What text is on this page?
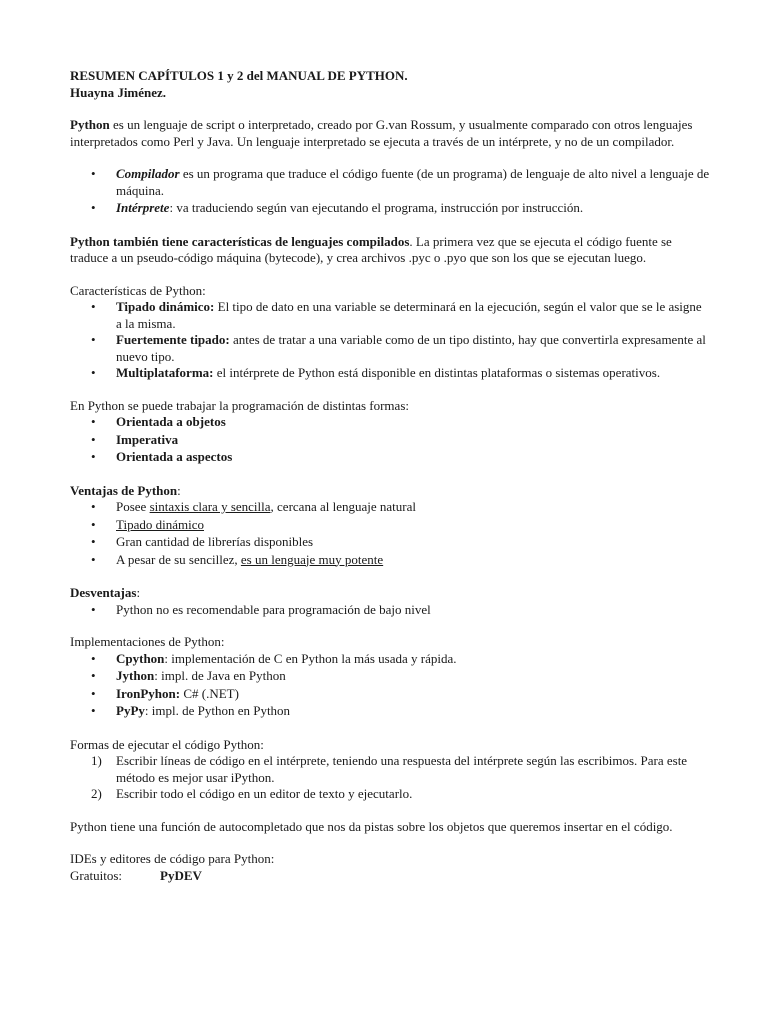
RESUMEN CAPÍTULOS 1 y 2 del MANUAL DE PYTHON.

Huayna Jiménez.

Python es un lenguaje de script o interpretado, creado por G.van Rossum, y usualmente comparado con otros lenguajes interpretados como Perl y Java. Un lenguaje interpretado se ejecuta a través de un intérprete, y no de un compilador.

• Compilador es un programa que traduce el código fuente (de un programa) de lenguaje de alto nivel a lenguaje de máquina.
• Intérprete: va traduciendo según van ejecutando el programa, instrucción por instrucción.

Python también tiene características de lenguajes compilados. La primera vez que se ejecuta el código fuente se traduce a un pseudo-código máquina (bytecode), y crea archivos .pyc o .pyo que son los que se ejecutan luego.

Características de Python:

• Tipado dinámico: El tipo de dato en una variable se determinará en la ejecución, según el valor que se le asigne a la misma.
• Fuertemente tipado: antes de tratar a una variable como de un tipo distinto, hay que convertirla expresamente al nuevo tipo.
• Multiplataforma: el intérprete de Python está disponible en distintas plataformas o sistemas operativos.

En Python se puede trabajar la programación de distintas formas:

• Orientada a objetos
• Imperativa
• Orientada a aspectos

Ventajas de Python:

• Posee sintaxis clara y sencilla, cercana al lenguaje natural
• Tipado dinámico
• Gran cantidad de librerías disponibles
• A pesar de su sencillez, es un lenguaje muy potente

Desventajas:

• Python no es recomendable para programación de bajo nivel

Implementaciones de Python:

• Cpython: implementación de C en Python la más usada y rápida.
• Jython: impl. de Java en Python
• IronPyhon: C# (.NET)
• PyPy: impl. de Python en Python

Formas de ejecutar el código Python:

1) Escribir líneas de código en el intérprete, teniendo una respuesta del intérprete según las escribimos. Para este método es mejor usar iPython.
2) Escribir todo el código en un editor de texto y ejecutarlo.

Python tiene una función de autocompletado que nos da pistas sobre los objetos que queremos insertar en el código.

IDEs y editores de código para Python:

Gratuitos:	PyDEV
